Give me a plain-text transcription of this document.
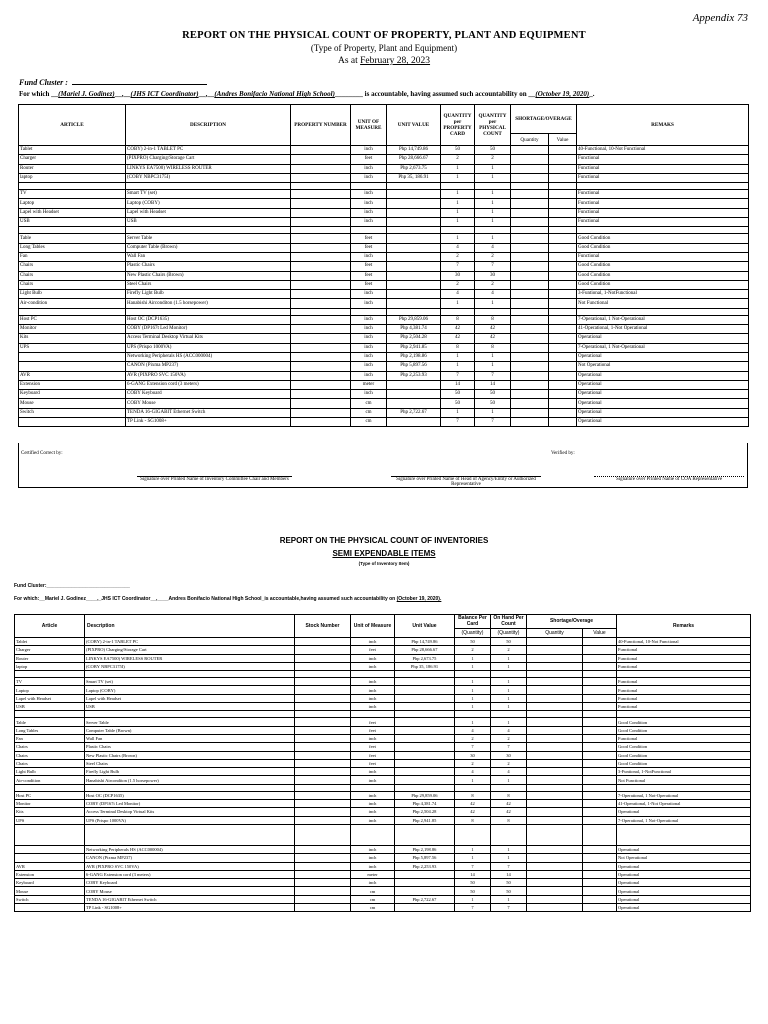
Appendix 73
REPORT ON THE PHYSICAL COUNT OF PROPERTY, PLANT AND EQUIPMENT
(Type of Property, Plant and Equipment)
As at February 28, 2023
Fund Cluster :
For which __(Mariel J. Godinez)__,__(JHS ICT Coordinator)__,__(Andres Bonifacio National High School)________ is accountable, having assumed such accountability on __(October 19, 2020)_.
ARTICLE	DESCRIPTION	PROPERTY NUMBER	UNIT OF MEASURE	UNIT VALUE	QUANTITY per PROPERTY CARD	QUANTITY per PHYSICAL COUNT	SHORTAGE/OVERAGE		REMAKS
							Quantity	Value	
Tablet	COBY) 2-in-1 TABLET PC		inch	Php 14,749.86	50	50			40-Functional, 10-Not Functional
Charger	(PIXPRO) Charging/Storage Cart		feet	Php 28,666.67	2	2			Functional
Router	LINKYS EA7500) WIRELESS ROUTER		inch	Php 2,673.75	1	1			Functional
laptop	(COBY NBPC3175I)		inch	Php 35, 186.91	1	1			Functional

TV	Smart TV (set)		inch		1	1			Functional
Laptop	Laptop (COBY)		inch		1	1			Functional
Lapel with Headset	Lapel with Headset		inch		1	1			Functional
USB	USB		inch		1	1			Functional

Table	Server Table		feet		1	1			Good Condition
Long Tables	Computer Table (Brown)		feet		4	4			Good Condition
Fan	Wall Fan		inch		2	2			Functional
Chairs	Plastic Chairs		feet		7	7			Good Condition
Chairs	New Plastic Chairs (Brown)		feet		30	30			Good Condition
Chairs	Steel Chairs		feet		2	2			Good Condition
Light Bulb	Firefly Light Bulb		inch		4	4			3-Funtional, 1-NotFunctional
Air-condition	Hanabishi Airconditon (1.5 horsepower)		inch		1	1			Not Functional

Host PC	Host OC (DCP1635)		inch	Php 29,859.06	8	8			7-Operational, 1 Not-Operational
Monitor	COBY (DP167t Led Monitor)		inch	Php 4,381.74	42	42			41-Operational, 1-Not Operational
Kits	Access Terminal Desktop Virtual Kits		inch	Php 2,504.28	42	42			Operational
UPS	UPS (Prispo 1000VA)		inch	Php 2,941.85	8	8			7-Operational, 1 Not-Operational
	Networking Peripherals HS (ACC000004)		inch	Php 2,198.86	1	1			Operational
	CANON (Pixma MP237)		inch	Php 5,897.56	1	1			Not Operational
AVR	AVR (PIXPRO SVC 150VA)		inch	Php 2,253.93	7	7			Operational
Extension	6-GANG Extension cord (3 meters)		meter		14	14			Operational
Keyboard	COBY Keyboard		inch		50	50			Operational
Mouse	COBY Mouse		cm		50	50			Operational
Switch	TENDA 16-GIGABIT Ethernet Switch		cm	Php 2,722.67	1	1			Operational
	TP Link - SG1008+		cm		7	7			Operational
Certified Correct by:	Verified by:
Signature over Printed Name of Inventory Committee Chair and Members	Signature over Printed Name of Head of Agency/Entity or Authorized Representative
Signature over Printed Name of COA Representative
REPORT ON THE PHYSICAL COUNT OF INVENTORIES
SEMI EXPENDABLE ITEMS
(Type of Inventory Item)
Fund Cluster:______________________________
For which:__Mariel J. Godinez____,_JHS ICT Coordinator__,____Andres Bonifacio National High School_is accountable,having assumed such accountability on (October 19, 2020).
Article	Description	Stock Number	Unit of Measure	Unit Value	Balance Per Card	On Hand Per Count	Shortage/Overage		Remarks
					(Quantity)	(Quantity)	Quantity	Value	
Tablet	(COBY) 2-in-1 TABLET PC		inch	Php 14,749.86	50	50			40-Functional, 10-Not Functional
Charger	(PIXPRO) Charging/Storage Cart		feet	Php 28,666.67	2	2			Functional
Router	LINKYS EA7500) WIRELESS ROUTER		inch	Php 2,673.75	1	1			Functional
laptop	(COBY NBPC3175I)		inch	Php 35, 186.91	1	1			Functional

TV	Smart TV (set)		inch		1	1			Functional
Laptop	Laptop (COBY)		inch		1	1			Functional
Lapel with Headset	Lapel with Headset		inch		1	1			Functional
USB	USB		inch		1	1			Functional

Table	Server Table		feet		1	1			Good Condition
Long Tables	Computer Table (Brown)		feet		4	4			Good Condition
Fan	Wall Fan		inch		2	2			Functional
Chairs	Plastic Chairs		feet		7	7			Good Condition
Chairs	New Plastic Chairs (Brown)		feet		30	30			Good Condition
Chairs	Steel Chairs		feet		2	2			Good Condition
Light Bulb	Firefly Light Bulb		inch		4	4			3-Funtional, 1-NotFunctional
Air-condition	Hanabishi Airconditon (1.5 horsepower)		inch		1	1			Not Functional

Host PC	Host OC (DCP1635)		inch	Php 29,859.06	8	8			7-Operational, 1 Not-Operational
Monitor	COBY (DP167t Led Monitor)		inch	Php 4,381.74	42	42			41-Operational, 1-Not Operational
Kits	Access Terminal Desktop Virtual Kits		inch	Php 2,504.28	42	42			Operational
UPS	UPS (Prispo 1000VA)		inch	Php 2,941.85	8	8			7-Operational, 1 Not-Operational

	Networking Peripherals HS (ACC000004)		inch	Php 2,198.86	1	1			Operational
	CANON (Pixma MP237)		inch	Php 5,897.56	1	1			Not Operational
AVR	AVR (PIXPRO SVC 150VA)		inch	Php 2,253.93	7	7			Operational
Extension	6-GANG Extension cord (3 meters)		meter		14	14			Operational
Keyboard	COBY Keyboard		inch		50	50			Operational
Mouse	COBY Mouse		cm		50	50			Operational
Switch	TENDA 16-GIGABIT Ethernet Switch		cm	Php 2,722.67	1	1			Operational
	TP Link - SG1008+		cm		7	7			Operational
